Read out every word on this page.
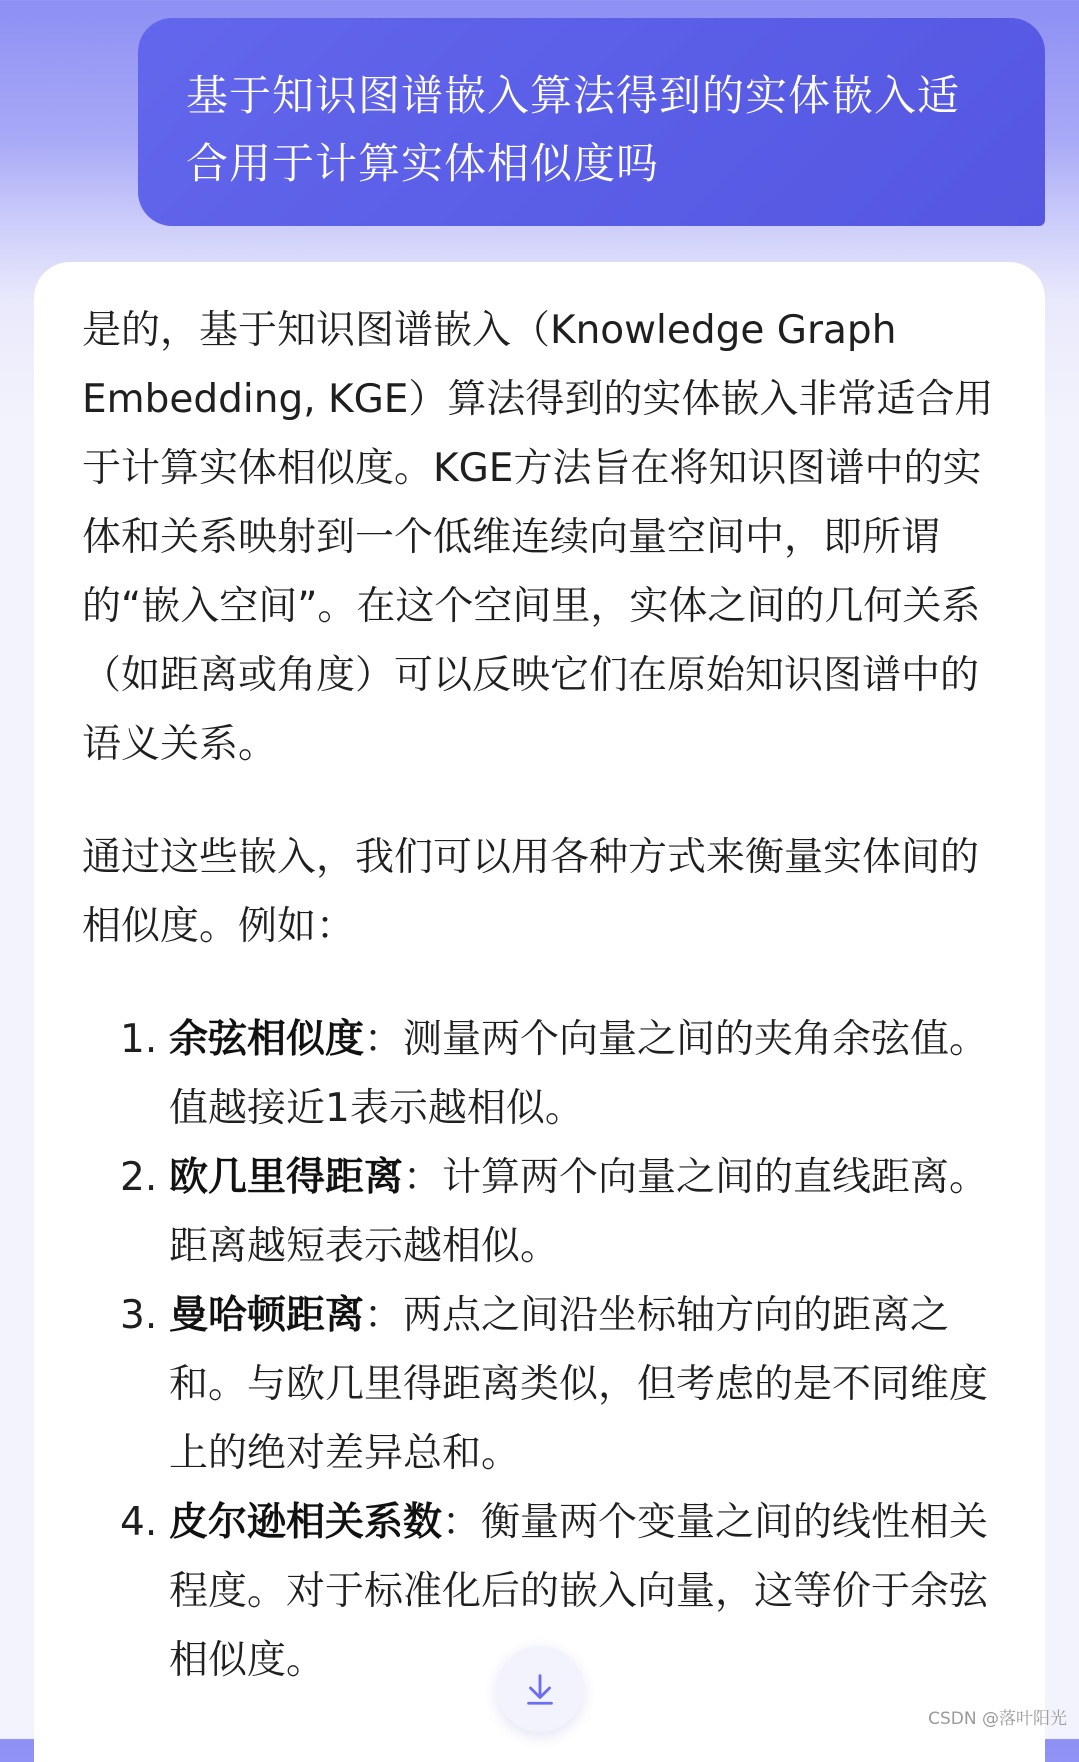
基于知识图谱嵌入算法得到的实体嵌入适
合用于计算实体相似度吗

是的，基于知识图谱嵌入（Knowledge Graph Embedding, KGE）算法得到的实体嵌入非常适合用于计算实体相似度。KGE方法旨在将知识图谱中的实体和关系映射到一个低维连续向量空间中，即所谓的“嵌入空间”。在这个空间里，实体之间的几何关系（如距离或角度）可以反映它们在原始知识图谱中的语义关系。

通过这些嵌入，我们可以用各种方式来衡量实体间的相似度。例如：

1. 余弦相似度：测量两个向量之间的夹角余弦值。值越接近1表示越相似。
2. 欧几里得距离：计算两个向量之间的直线距离。距离越短表示越相似。
3. 曼哈顿距离：两点之间沿坐标轴方向的距离之和。与欧几里得距离类似，但考虑的是不同维度上的绝对差异总和。
4. 皮尔逊相关系数：衡量两个变量之间的线性相关程度。对于标准化后的嵌入向量，这等价于余弦相似度。
CSDN @落叶阳光
